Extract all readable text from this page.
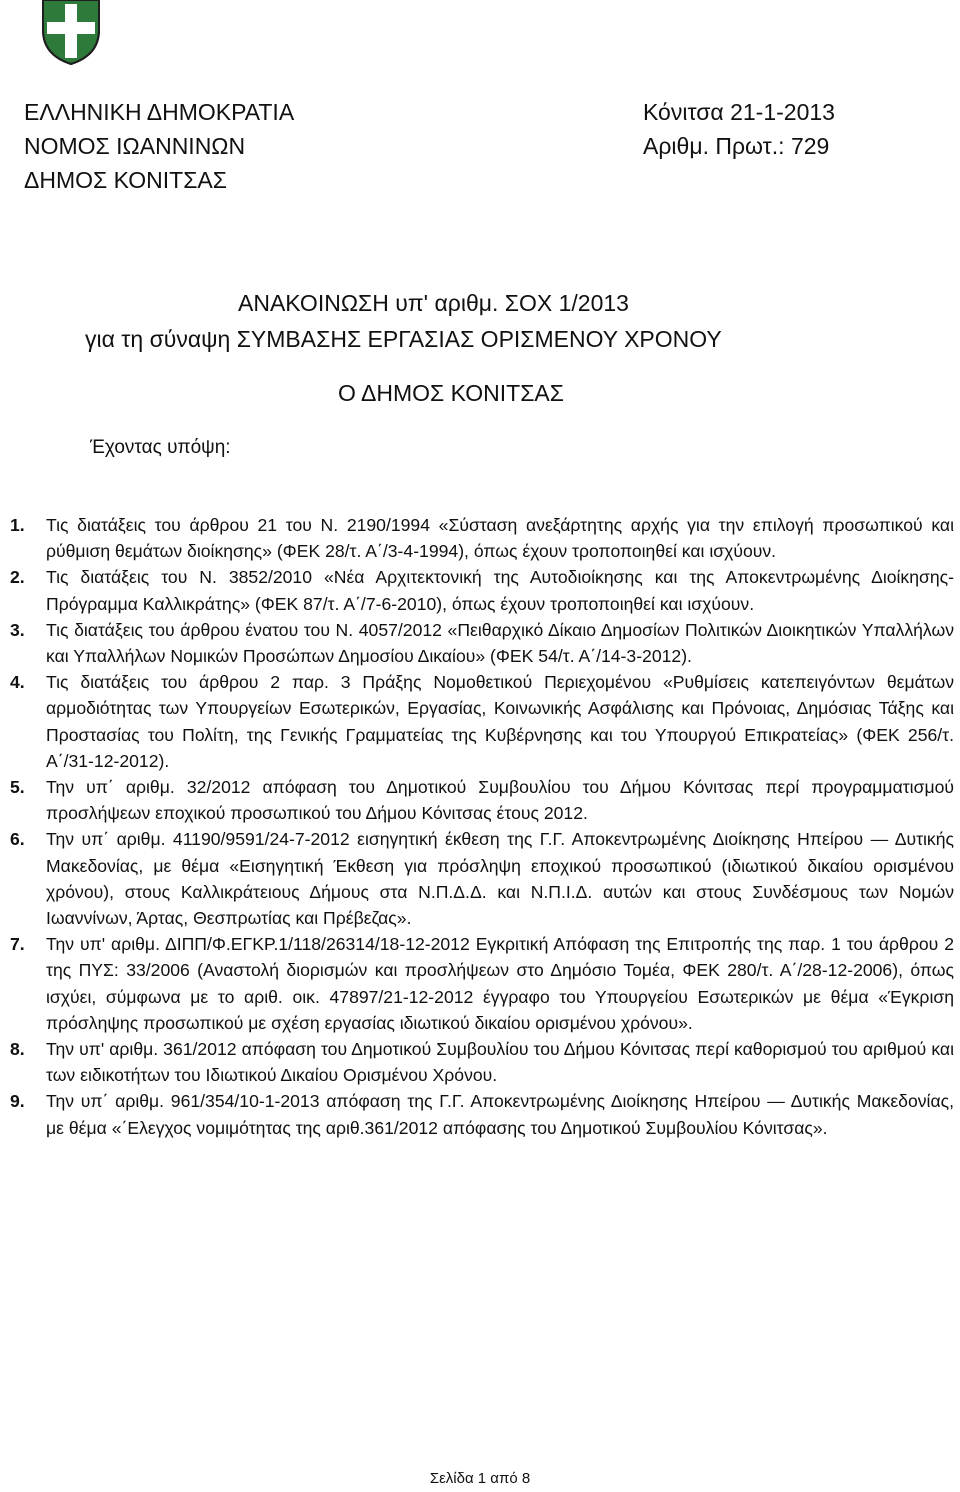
ΕΛΛΗΝΙΚΗ ΔΗΜΟΚΡΑΤΙΑ
ΝΟΜΟΣ ΙΩΑΝΝΙΝΩΝ
ΔΗΜΟΣ ΚΟΝΙΤΣΑΣ
Κόνιτσα 21-1-2013
Αριθμ. Πρωτ.: 729
ΑΝΑΚΟΙΝΩΣΗ υπ' αριθμ. ΣΟΧ 1/2013
για τη σύναψη ΣΥΜΒΑΣΗΣ ΕΡΓΑΣΙΑΣ ΟΡΙΣΜΕΝΟΥ ΧΡΟΝΟΥ
Ο ΔΗΜΟΣ ΚΟΝΙΤΣΑΣ
Έχοντας υπόψη:
1. Τις διατάξεις του άρθρου 21 του Ν. 2190/1994 «Σύσταση ανεξάρτητης αρχής για την επιλογή προσωπικού και ρύθμιση θεμάτων διοίκησης» (ΦΕΚ 28/τ. Α΄/3-4-1994), όπως έχουν τροποποιηθεί και ισχύουν.
2. Τις διατάξεις του Ν. 3852/2010 «Νέα Αρχιτεκτονική της Αυτοδιοίκησης και της Αποκεντρωμένης Διοίκησης- Πρόγραμμα Καλλικράτης» (ΦΕΚ 87/τ. Α΄/7-6-2010), όπως έχουν τροποποιηθεί και ισχύουν.
3. Τις διατάξεις του άρθρου ένατου του Ν. 4057/2012 «Πειθαρχικό Δίκαιο Δημοσίων Πολιτικών Διοικητικών Υπαλλήλων και Υπαλλήλων Νομικών Προσώπων Δημοσίου Δικαίου» (ΦΕΚ 54/τ. Α΄/14-3-2012).
4. Τις διατάξεις του άρθρου 2 παρ. 3 Πράξης Νομοθετικού Περιεχομένου «Ρυθμίσεις κατεπειγόντων θεμάτων αρμοδιότητας των Υπουργείων Εσωτερικών, Εργασίας, Κοινωνικής Ασφάλισης και Πρόνοιας, Δημόσιας Τάξης και Προστασίας του Πολίτη, της Γενικής Γραμματείας της Κυβέρνησης και του Υπουργού Επικρατείας» (ΦΕΚ 256/τ. Α΄/31-12-2012).
5. Την υπ΄ αριθμ. 32/2012 απόφαση του Δημοτικού Συμβουλίου του Δήμου Κόνιτσας περί προγραμματισμού προσλήψεων εποχικού προσωπικού του Δήμου Κόνιτσας έτους 2012.
6. Την υπ΄ αριθμ. 41190/9591/24-7-2012 εισηγητική έκθεση της Γ.Γ. Αποκεντρωμένης Διοίκησης Ηπείρου — Δυτικής Μακεδονίας, με θέμα «Εισηγητική Έκθεση για πρόσληψη εποχικού προσωπικού (ιδιωτικού δικαίου ορισμένου χρόνου), στους Καλλικράτειους Δήμους στα Ν.Π.Δ.Δ. και Ν.Π.Ι.Δ. αυτών και στους Συνδέσμους των Νομών Ιωαννίνων, Άρτας, Θεσπρωτίας και Πρέβεζας».
7. Την υπ' αριθμ. ΔΙΠΠ/Φ.ΕΓΚΡ.1/118/26314/18-12-2012 Εγκριτική Απόφαση της Επιτροπής της παρ. 1 του άρθρου 2 της ΠΥΣ: 33/2006 (Αναστολή διορισμών και προσλήψεων στο Δημόσιο Τομέα, ΦΕΚ 280/τ. Α΄/28-12-2006), όπως ισχύει, σύμφωνα με το αριθ. οικ. 47897/21-12-2012 έγγραφο του Υπουργείου Εσωτερικών με θέμα «Έγκριση πρόσληψης προσωπικού με σχέση εργασίας ιδιωτικού δικαίου ορισμένου χρόνου».
8. Την υπ' αριθμ. 361/2012 απόφαση του Δημοτικού Συμβουλίου του Δήμου Κόνιτσας περί καθορισμού του αριθμού και των ειδικοτήτων του Ιδιωτικού Δικαίου Ορισμένου Χρόνου.
9. Την υπ΄ αριθμ. 961/354/10-1-2013 απόφαση της Γ.Γ. Αποκεντρωμένης Διοίκησης Ηπείρου — Δυτικής Μακεδονίας, με θέμα «΄Ελεγχος νομιμότητας της αριθ.361/2012 απόφασης του Δημοτικού Συμβουλίου Κόνιτσας».
Σελίδα 1 από 8
